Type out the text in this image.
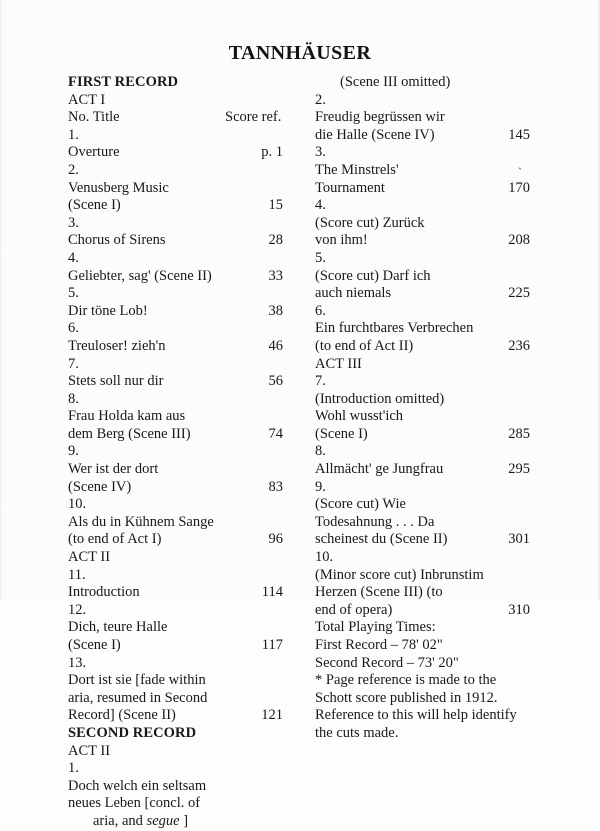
TANNHÄUSER
FIRST RECORD
ACT I
No. Title	Score ref.
1.
Overture	p. 1
2.
Venusberg Music
(Scene I)	15
3.
Chorus of Sirens	28
4.
Geliebter, sag' (Scene II)	33
5.
Dir töne Lob!	38
6.
Treuloser! zieh'n	46
7.
Stets soll nur dir	56
8.
Frau Holda kam aus
dem Berg (Scene III)	74
9.
Wer ist der dort
(Scene IV)	83
10.
Als du in Kühnem Sange
(to end of Act I)	96
ACT II
11.
Introduction	114
12.
Dich, teure Halle
(Scene I)	117
13.
Dort ist sie [fade within
aria, resumed in Second
Record] (Scene II)	121
SECOND RECORD
ACT II
1.
Doch welch ein seltsam
neues Leben [concl. of
aria, and segue ]
(Scene III omitted)
2.
Freudig begrüssen wir
die Halle (Scene IV)	145
3.
The Minstrels'	`
Tournament	170
4.
(Score cut) Zurück
von ihm!	208
5.
(Score cut) Darf ich
auch niemals	225
6.
Ein furchtbares Verbrechen
(to end of Act II)	236
ACT III
7.
(Introduction omitted)
Wohl wusst'ich
(Scene I)	285
8.
Allmächt' ge Jungfrau	295
9.
(Score cut) Wie
Todesahnung . . . Da
scheinest du (Scene II)	301
10.
(Minor score cut) Inbrunstim
Herzen (Scene III) (to
end of opera)	310
Total Playing Times:
First Record – 78' 02"
Second Record – 73' 20"
* Page reference is made to the
Schott score published in 1912.
Reference to this will help identify
the cuts made.
